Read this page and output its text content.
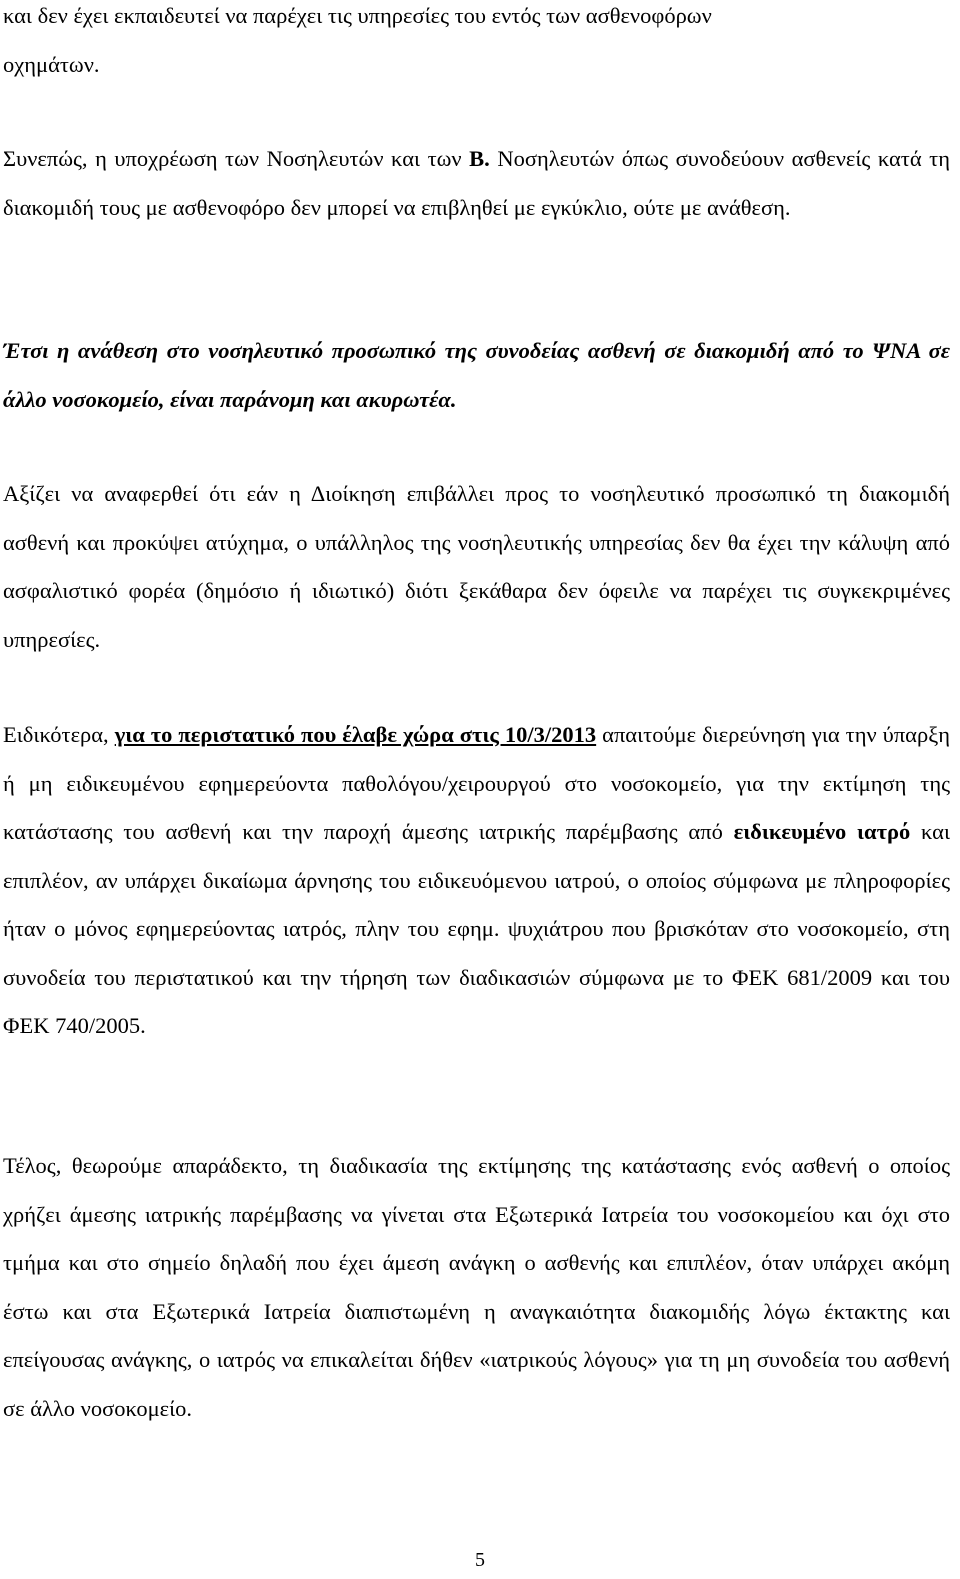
και δεν έχει εκπαιδευτεί να παρέχει τις υπηρεσίες του εντός των ασθενοφόρων
οχημάτων.

Συνεπώς, η υποχρέωση των Νοσηλευτών και των Β. Νοσηλευτών όπως συνοδεύουν ασθενείς κατά τη διακομιδή τους με ασθενοφόρο δεν μπορεί να επιβληθεί με εγκύκλιο, ούτε με ανάθεση.

Έτσι η ανάθεση στο νοσηλευτικό προσωπικό της συνοδείας ασθενή σε διακομιδή από το ΨΝΑ σε άλλο νοσοκομείο, είναι παράνομη και ακυρωτέα.

Αξίζει να αναφερθεί ότι εάν η Διοίκηση επιβάλλει προς το νοσηλευτικό προσωπικό τη διακομιδή ασθενή και προκύψει ατύχημα, ο υπάλληλος της νοσηλευτικής υπηρεσίας δεν θα έχει την κάλυψη από ασφαλιστικό φορέα (δημόσιο ή ιδιωτικό) διότι ξεκάθαρα δεν όφειλε να παρέχει τις συγκεκριμένες υπηρεσίες.

Ειδικότερα, για το περιστατικό που έλαβε χώρα στις 10/3/2013 απαιτούμε διερεύνηση για την ύπαρξη ή μη ειδικευμένου εφημερεύοντα παθολόγου/χειρουργού στο νοσοκομείο, για την εκτίμηση της κατάστασης του ασθενή και την παροχή άμεσης ιατρικής παρέμβασης από ειδικευμένο ιατρό και επιπλέον, αν υπάρχει δικαίωμα άρνησης του ειδικευόμενου ιατρού, ο οποίος σύμφωνα με πληροφορίες ήταν ο μόνος εφημερεύοντας ιατρός, πλην του εφημ. ψυχιάτρου που βρισκόταν στο νοσοκομείο, στη συνοδεία του περιστατικού και την τήρηση των διαδικασιών σύμφωνα με το ΦΕΚ 681/2009 και του ΦΕΚ 740/2005.

Τέλος, θεωρούμε απαράδεκτο, τη διαδικασία της εκτίμησης της κατάστασης ενός ασθενή ο οποίος χρήζει άμεσης ιατρικής παρέμβασης να γίνεται στα Εξωτερικά Ιατρεία του νοσοκομείου και όχι στο τμήμα και στο σημείο δηλαδή που έχει άμεση ανάγκη ο ασθενής και επιπλέον, όταν υπάρχει ακόμη έστω και στα Εξωτερικά Ιατρεία διαπιστωμένη η αναγκαιότητα διακομιδής λόγω έκτακτης και επείγουσας ανάγκης, ο ιατρός να επικαλείται δήθεν «ιατρικούς λόγους» για τη μη συνοδεία του ασθενή σε άλλο νοσοκομείο.

5
